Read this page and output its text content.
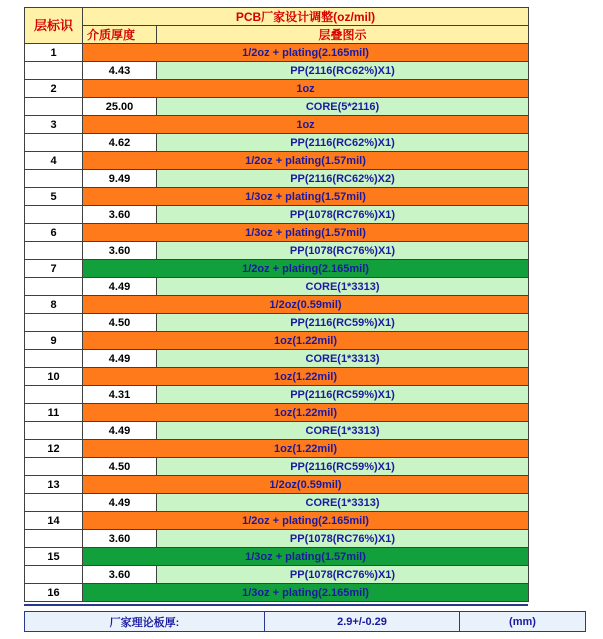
层标识	PCB厂家设计调整(oz/mil)	
	介质厚度	层叠图示
1	1/2oz + plating(2.165mil)	
	4.43	PP(2116(RC62%)X1)
2	1oz	
	25.00	CORE(5*2116)
3	1oz	
	4.62	PP(2116(RC62%)X1)
4	1/2oz + plating(1.57mil)	
	9.49	PP(2116(RC62%)X2)
5	1/3oz + plating(1.57mil)	
	3.60	PP(1078(RC76%)X1)
6	1/3oz + plating(1.57mil)	
	3.60	PP(1078(RC76%)X1)
7	1/2oz + plating(2.165mil)	
	4.49	CORE(1*3313)
8	1/2oz(0.59mil)	
	4.50	PP(2116(RC59%)X1)
9	1oz(1.22mil)	
	4.49	CORE(1*3313)
10	1oz(1.22mil)	
	4.31	PP(2116(RC59%)X1)
11	1oz(1.22mil)	
	4.49	CORE(1*3313)
12	1oz(1.22mil)	
	4.50	PP(2116(RC59%)X1)
13	1/2oz(0.59mil)	
	4.49	CORE(1*3313)
14	1/2oz + plating(2.165mil)	
	3.60	PP(1078(RC76%)X1)
15	1/3oz + plating(1.57mil)	
	3.60	PP(1078(RC76%)X1)
16	1/3oz + plating(2.165mil)	
厂家理论板厚:	2.9+/-0.29	(mm)
